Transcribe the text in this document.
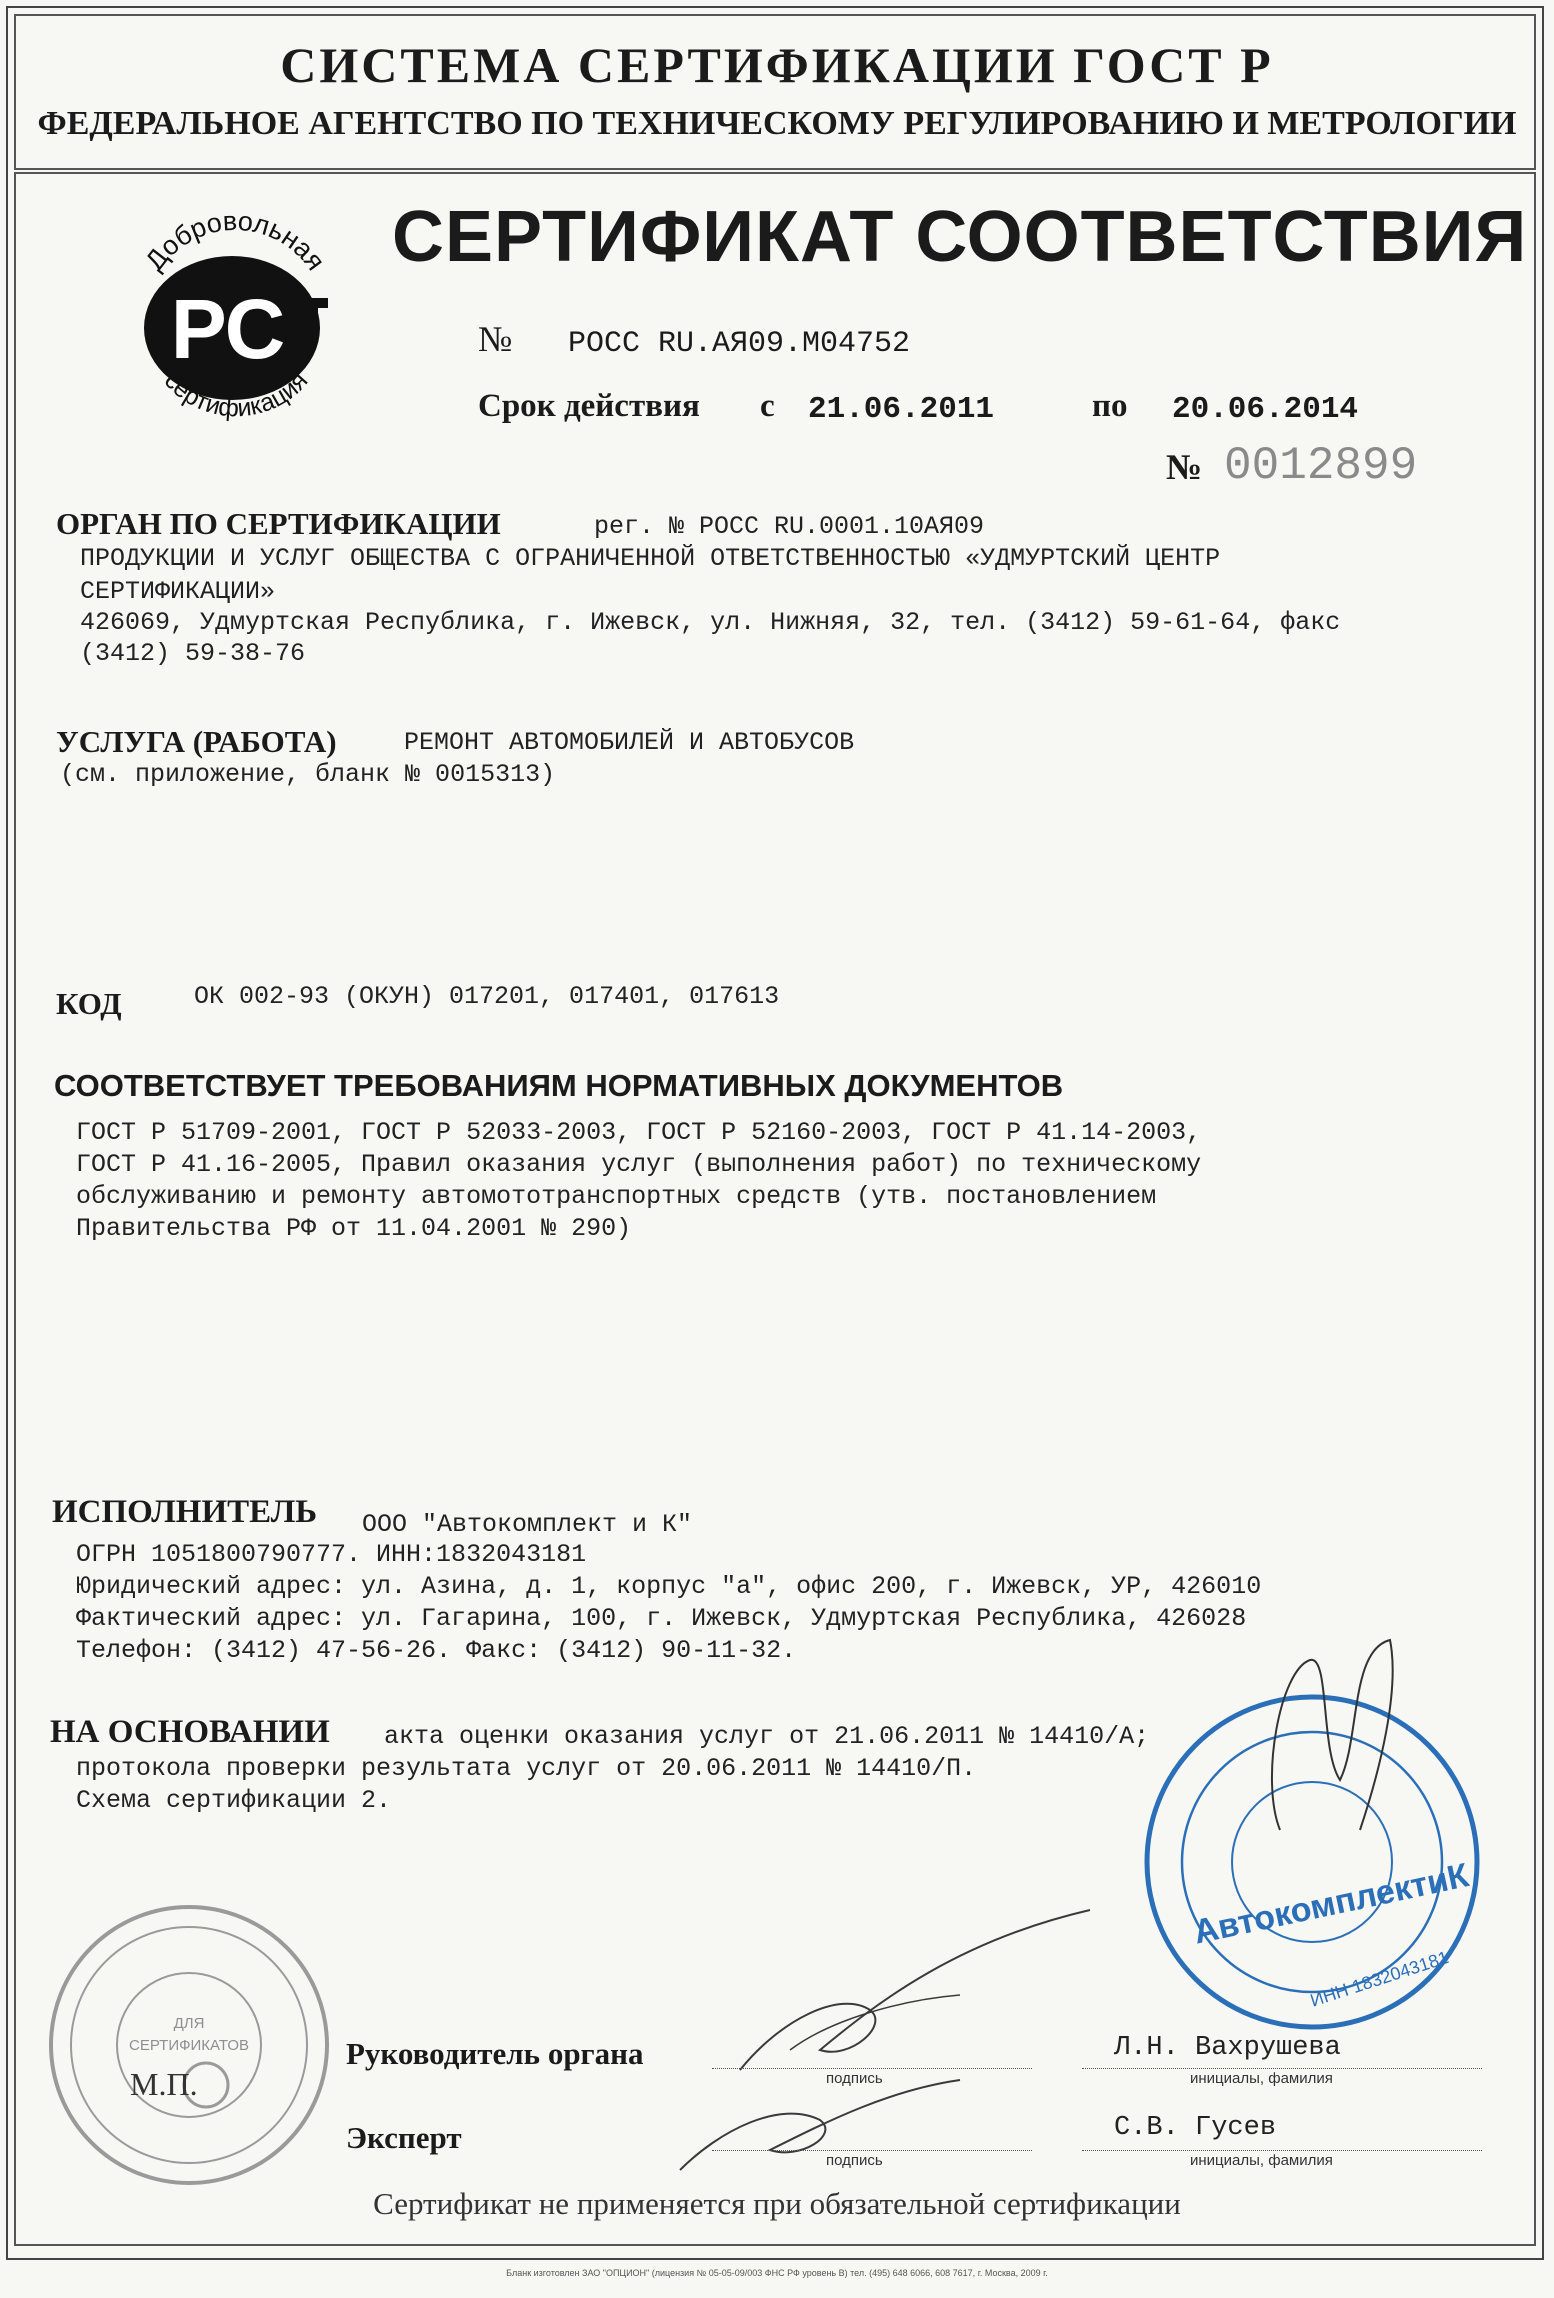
СИСТЕМА СЕРТИФИКАЦИИ ГОСТ Р
ФЕДЕРАЛЬНОЕ АГЕНТСТВО ПО ТЕХНИЧЕСКОМУ РЕГУЛИРОВАНИЮ И МЕТРОЛОГИИ
Добровольная
сертификация
РС
СЕРТИФИКАТ СООТВЕТСТВИЯ
№ РОСС RU.АЯ09.М04752
Срок действия с 21.06.2011	по 20.06.2014
№ 0012899
ОРГАН ПО СЕРТИФИКАЦИИ	рег. № РОСС RU.0001.10АЯ09
ПРОДУКЦИИ И УСЛУГ ОБЩЕСТВА С ОГРАНИЧЕННОЙ ОТВЕТСТВЕННОСТЬЮ «УДМУРТСКИЙ ЦЕНТР
СЕРТИФИКАЦИИ»
426069, Удмуртская Республика, г. Ижевск, ул. Нижняя, 32, тел. (3412) 59-61-64, факс
(3412) 59-38-76
УСЛУГА (РАБОТА)	РЕМОНТ АВТОМОБИЛЕЙ И АВТОБУСОВ
(см. приложение, бланк № 0015313)
КОД	ОК 002-93 (ОКУН) 017201, 017401, 017613
СООТВЕТСТВУЕТ ТРЕБОВАНИЯМ НОРМАТИВНЫХ ДОКУМЕНТОВ
ГОСТ Р 51709-2001, ГОСТ Р 52033-2003, ГОСТ Р 52160-2003, ГОСТ Р 41.14-2003,
ГОСТ Р 41.16-2005, Правил оказания услуг (выполнения работ) по техническому
обслуживанию и ремонту автомототранспортных средств (утв. постановлением
Правительства РФ от 11.04.2001 № 290)
ИСПОЛНИТЕЛЬ ООО "Автокомплект и К"
ОГРН 1051800790777. ИНН:1832043181
Юридический адрес: ул. Азина, д. 1, корпус "а", офис 200, г. Ижевск, УР, 426010
Фактический адрес: ул. Гагарина, 100, г. Ижевск, Удмуртская Республика, 426028
Телефон: (3412) 47-56-26. Факс: (3412) 90-11-32.
НА ОСНОВАНИИ акта оценки оказания услуг от 21.06.2011 № 14410/А;
протокола проверки результата услуг от 20.06.2011 № 14410/П.
Схема сертификации 2.
ДЛЯ
СЕРТИФИКАТОВ
М.П.
АвтокомплектиК
ИНН 1832043181
Руководитель органа
подпись
Л.Н. Вахрушева
инициалы, фамилия
Эксперт
подпись
С.В. Гусев
инициалы, фамилия
Сертификат не применяется при обязательной сертификации
Бланк изготовлен ЗАО "ОПЦИОН" (лицензия № 05-05-09/003 ФНС РФ уровень В) тел. (495) 648 6066, 608 7617, г. Москва, 2009 г.
